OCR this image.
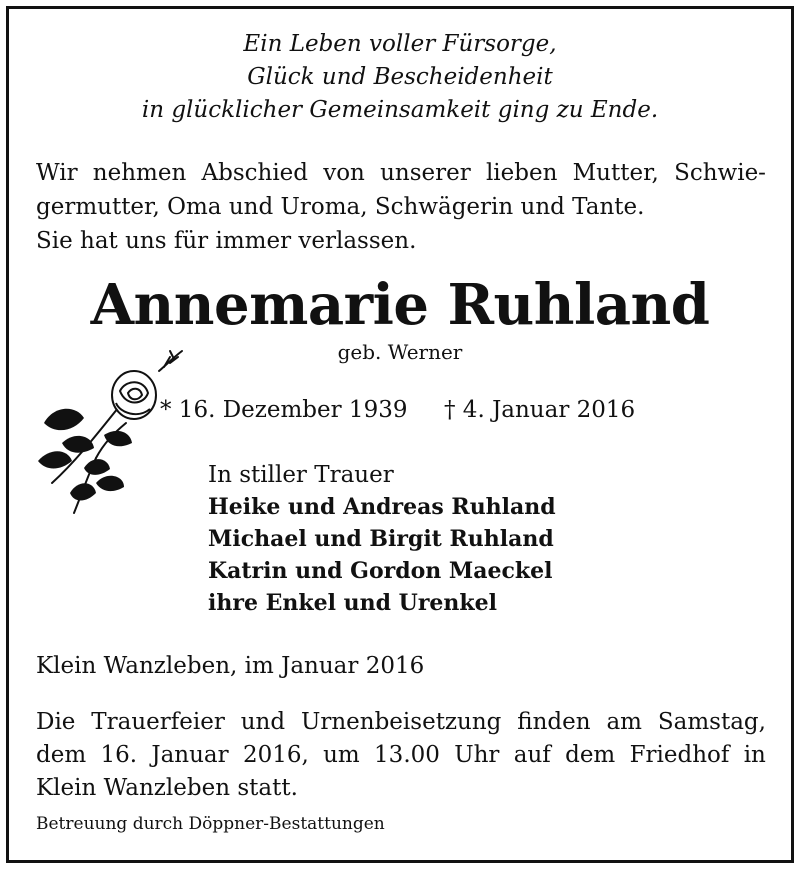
Ein Leben voller Fürsorge,
Glück und Bescheidenheit
in glücklicher Gemeinsamkeit ging zu Ende.
Wir nehmen Abschied von unserer lieben Mutter, Schwie-
germutter, Oma und Uroma, Schwägerin und Tante.
Sie hat uns für immer verlassen.
Annemarie Ruhland
geb. Werner
* 16. Dezember 1939 † 4. Januar 2016
In stiller Trauer
Heike und Andreas Ruhland
Michael und Birgit Ruhland
Katrin und Gordon Maeckel
ihre Enkel und Urenkel
Klein Wanzleben, im Januar 2016
Die Trauerfeier und Urnenbeisetzung finden am Samstag,
dem 16. Januar 2016, um 13.00 Uhr auf dem Friedhof in
Klein Wanzleben statt.
Betreuung durch Döppner-Bestattungen
